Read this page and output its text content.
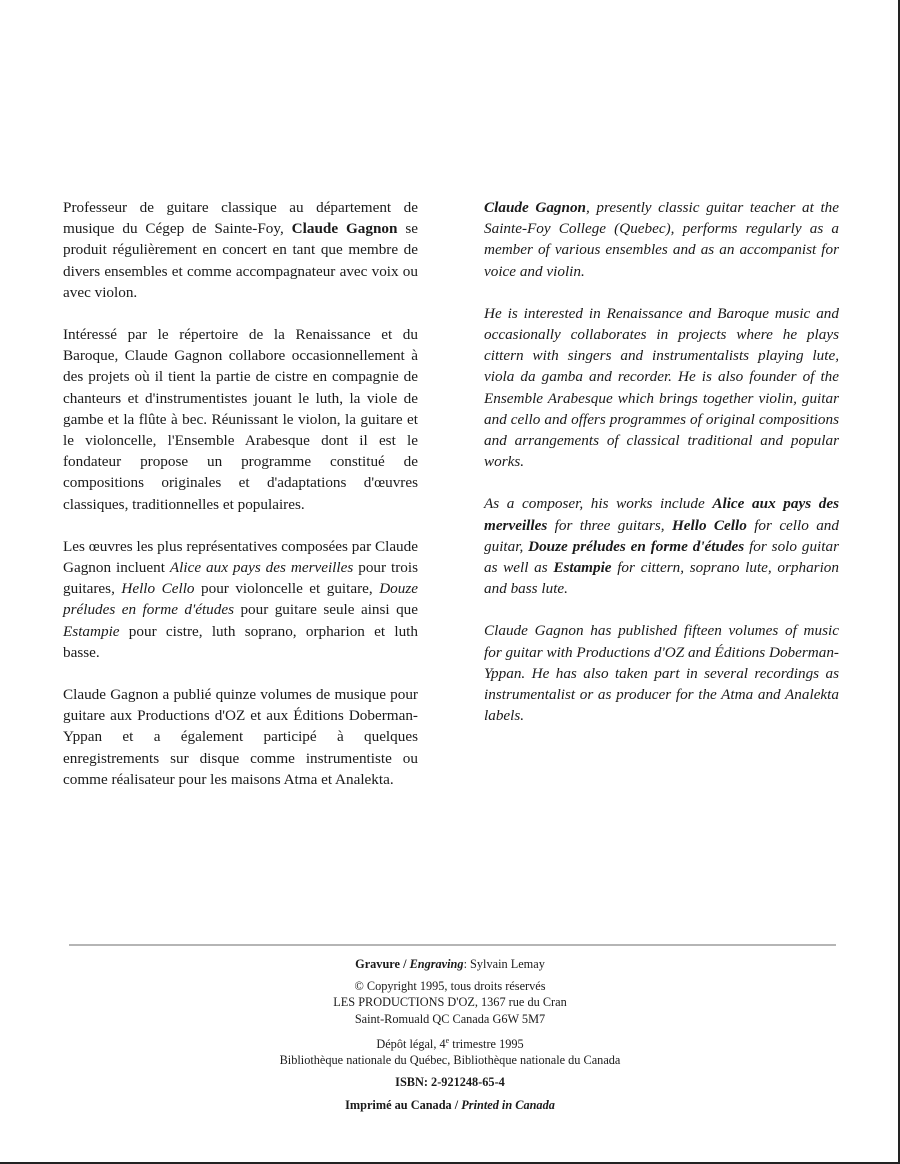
Professeur de guitare classique au département de musique du Cégep de Sainte-Foy, Claude Gagnon se produit régulièrement en concert en tant que membre de divers ensembles et comme accompagnateur avec voix ou avec violon.

Intéressé par le répertoire de la Renaissance et du Baroque, Claude Gagnon collabore occasionnellement à des projets où il tient la partie de cistre en compagnie de chanteurs et d'instrumentistes jouant le luth, la viole de gambe et la flûte à bec. Réunissant le violon, la guitare et le violoncelle, l'Ensemble Arabesque dont il est le fondateur propose un programme constitué de compositions originales et d'adaptations d'œuvres classiques, traditionnelles et populaires.

Les œuvres les plus représentatives composées par Claude Gagnon incluent Alice aux pays des merveilles pour trois guitares, Hello Cello pour violoncelle et guitare, Douze préludes en forme d'études pour guitare seule ainsi que Estampie pour cistre, luth soprano, orpharion et luth basse.

Claude Gagnon a publié quinze volumes de musique pour guitare aux Productions d'OZ et aux Éditions Doberman-Yppan et a également participé à quelques enregistrements sur disque comme instrumentiste ou comme réalisateur pour les maisons Atma et Analekta.

Claude Gagnon, presently classic guitar teacher at the Sainte-Foy College (Quebec), performs regularly as a member of various ensembles and as an accompanist for voice and violin.

He is interested in Renaissance and Baroque music and occasionally collaborates in projects where he plays cittern with singers and instrumentalists playing lute, viola da gamba and recorder. He is also founder of the Ensemble Arabesque which brings together violin, guitar and cello and offers programmes of original compositions and arrangements of classical traditional and popular works.

As a composer, his works include Alice aux pays des merveilles for three guitars, Hello Cello for cello and guitar, Douze préludes en forme d'études for solo guitar as well as Estampie for cittern, soprano lute, orpharion and bass lute.

Claude Gagnon has published fifteen volumes of music for guitar with Productions d'OZ and Éditions Doberman-Yppan. He has also taken part in several recordings as instrumentalist or as producer for the Atma and Analekta labels.

Gravure / Engraving: Sylvain Lemay
© Copyright 1995, tous droits réservés
LES PRODUCTIONS D'OZ, 1367 rue du Cran
Saint-Romuald QC Canada G6W 5M7
Dépôt légal, 4e trimestre 1995
Bibliothèque nationale du Québec, Bibliothèque nationale du Canada
ISBN: 2-921248-65-4
Imprimé au Canada / Printed in Canada
